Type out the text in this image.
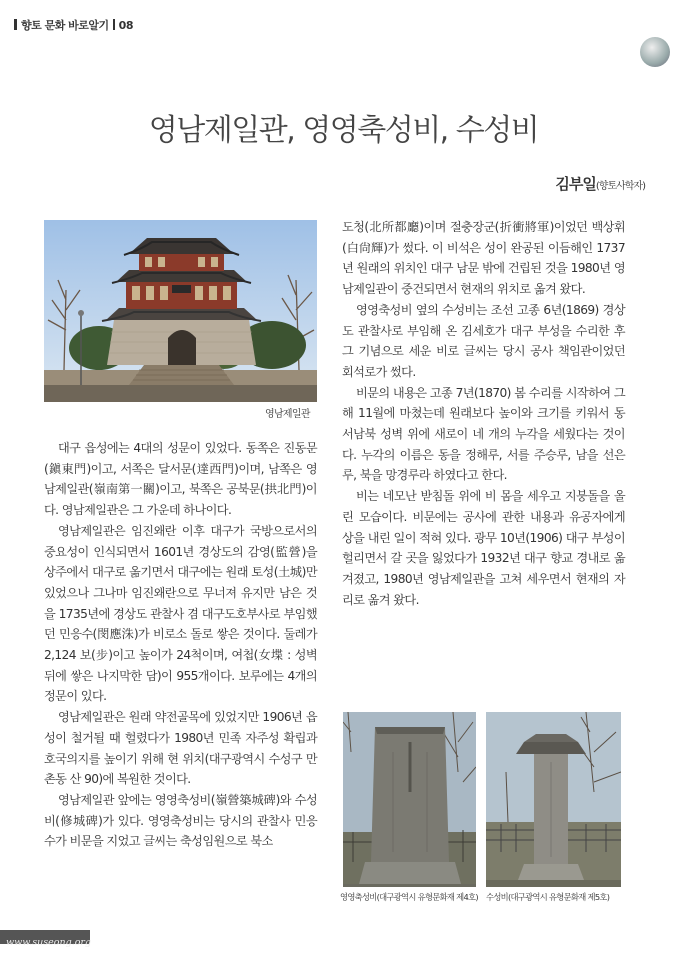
향토 문화 바로알기 08
영남제일관, 영영축성비, 수성비
김부일(향토사학자)
영남제일관

대구 읍성에는 4대의 성문이 있었다. 동쪽은 진동문(鎭東門)이고, 서쪽은 달서문(達西門)이며, 남쪽은 영남제일관(嶺南第一關)이고, 북쪽은 공북문(拱北門)이다. 영남제일관은 그 가운데 하나이다.

영남제일관은 임진왜란 이후 대구가 국방으로서의 중요성이 인식되면서 1601년 경상도의 감영(監營)을 상주에서 대구로 옮기면서 대구에는 원래 토성(土城)만 있었으나 그나마 임진왜란으로 무너져 유지만 남은 것을 1735년에 경상도 관찰사 겸 대구도호부사로 부임했던 민응수(閔應洙)가 비로소 돌로 쌓은 것이다. 둘레가 2,124 보(步)이고 높이가 24척이며, 여첩(女堞 : 성벽 뒤에 쌓은 나지막한 담)이 955개이다. 보루에는 4개의 정문이 있다.

영남제일관은 원래 약전골목에 있었지만 1906년 읍성이 철거될 때 헐렸다가 1980년 민족 자주성 확립과 호국의지를 높이기 위해 현 위치(대구광역시 수성구 만촌동 산 90)에 복원한 것이다.

영남제일관 앞에는 영영축성비(嶺營築城碑)와 수성비(修城碑)가 있다. 영영축성비는 당시의 관찰사 민응수가 비문을 지었고 글씨는 축성임원으로 북소

도청(北所都廳)이며 절충장군(折衝將軍)이었던 백상휘(白尙輝)가 썼다. 이 비석은 성이 완공된 이듬해인 1737년 원래의 위치인 대구 남문 밖에 건립된 것을 1980년 영남제일관이 중건되면서 현재의 위치로 옮겨 왔다.

영영축성비 옆의 수성비는 조선 고종 6년(1869) 경상도 관찰사로 부임해 온 김세호가 대구 부성을 수리한 후 그 기념으로 세운 비로 글씨는 당시 공사 책임관이었던 회석로가 썼다.

비문의 내용은 고종 7년(1870) 봄 수리를 시작하여 그해 11월에 마쳤는데 원래보다 높이와 크기를 키워서 동서남북 성벽 위에 새로이 네 개의 누각을 세웠다는 것이다. 누각의 이름은 동을 정해루, 서를 주승루, 남을 선은루, 북을 망경루라 하였다고 한다.

비는 네모난 받침돌 위에 비 몸을 세우고 지붕돌을 올린 모습이다. 비문에는 공사에 관한 내용과 유공자에게 상을 내린 일이 적혀 있다. 광무 10년(1906) 대구 부성이 헐리면서 갈 곳을 잃었다가 1932년 대구 향교 경내로 옮겨졌고, 1980년 영남제일관을 고쳐 세우면서 현재의 자리로 옮겨 왔다.

영영축성비(대구광역시 유형문화재 제4호) 수성비(대구광역시 유형문화재 제5호)
www.suseong.org
